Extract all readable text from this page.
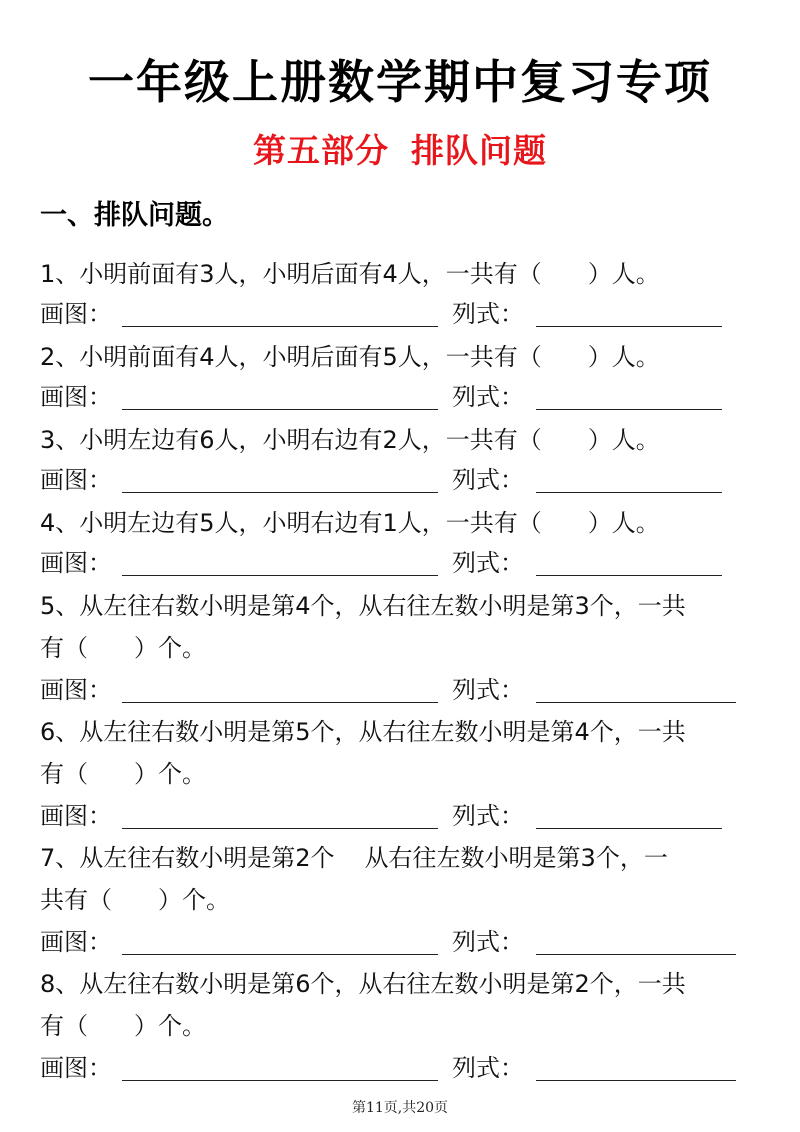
一年级上册数学期中复习专项
第五部分 排队问题
一、排队问题。
1、小明前面有3人，小明后面有4人，一共有（ ）人。
画图：	列式：
2、小明前面有4人，小明后面有5人，一共有（ ）人。
画图：	列式：
3、小明左边有6人，小明右边有2人，一共有（ ）人。
画图：	列式：
4、小明左边有5人，小明右边有1人，一共有（ ）人。
画图：	列式：
5、从左往右数小明是第4个，从右往左数小明是第3个，一共
有（ ）个。
画图：	列式：
6、从左往右数小明是第5个，从右往左数小明是第4个，一共
有（ ）个。
画图：	列式：
7、从左往右数小明是第2个 从右往左数小明是第3个，一
共有（ ）个。
画图：	列式：
8、从左往右数小明是第6个，从右往左数小明是第2个，一共
有（ ）个。
画图：	列式：
第11页,共20页
